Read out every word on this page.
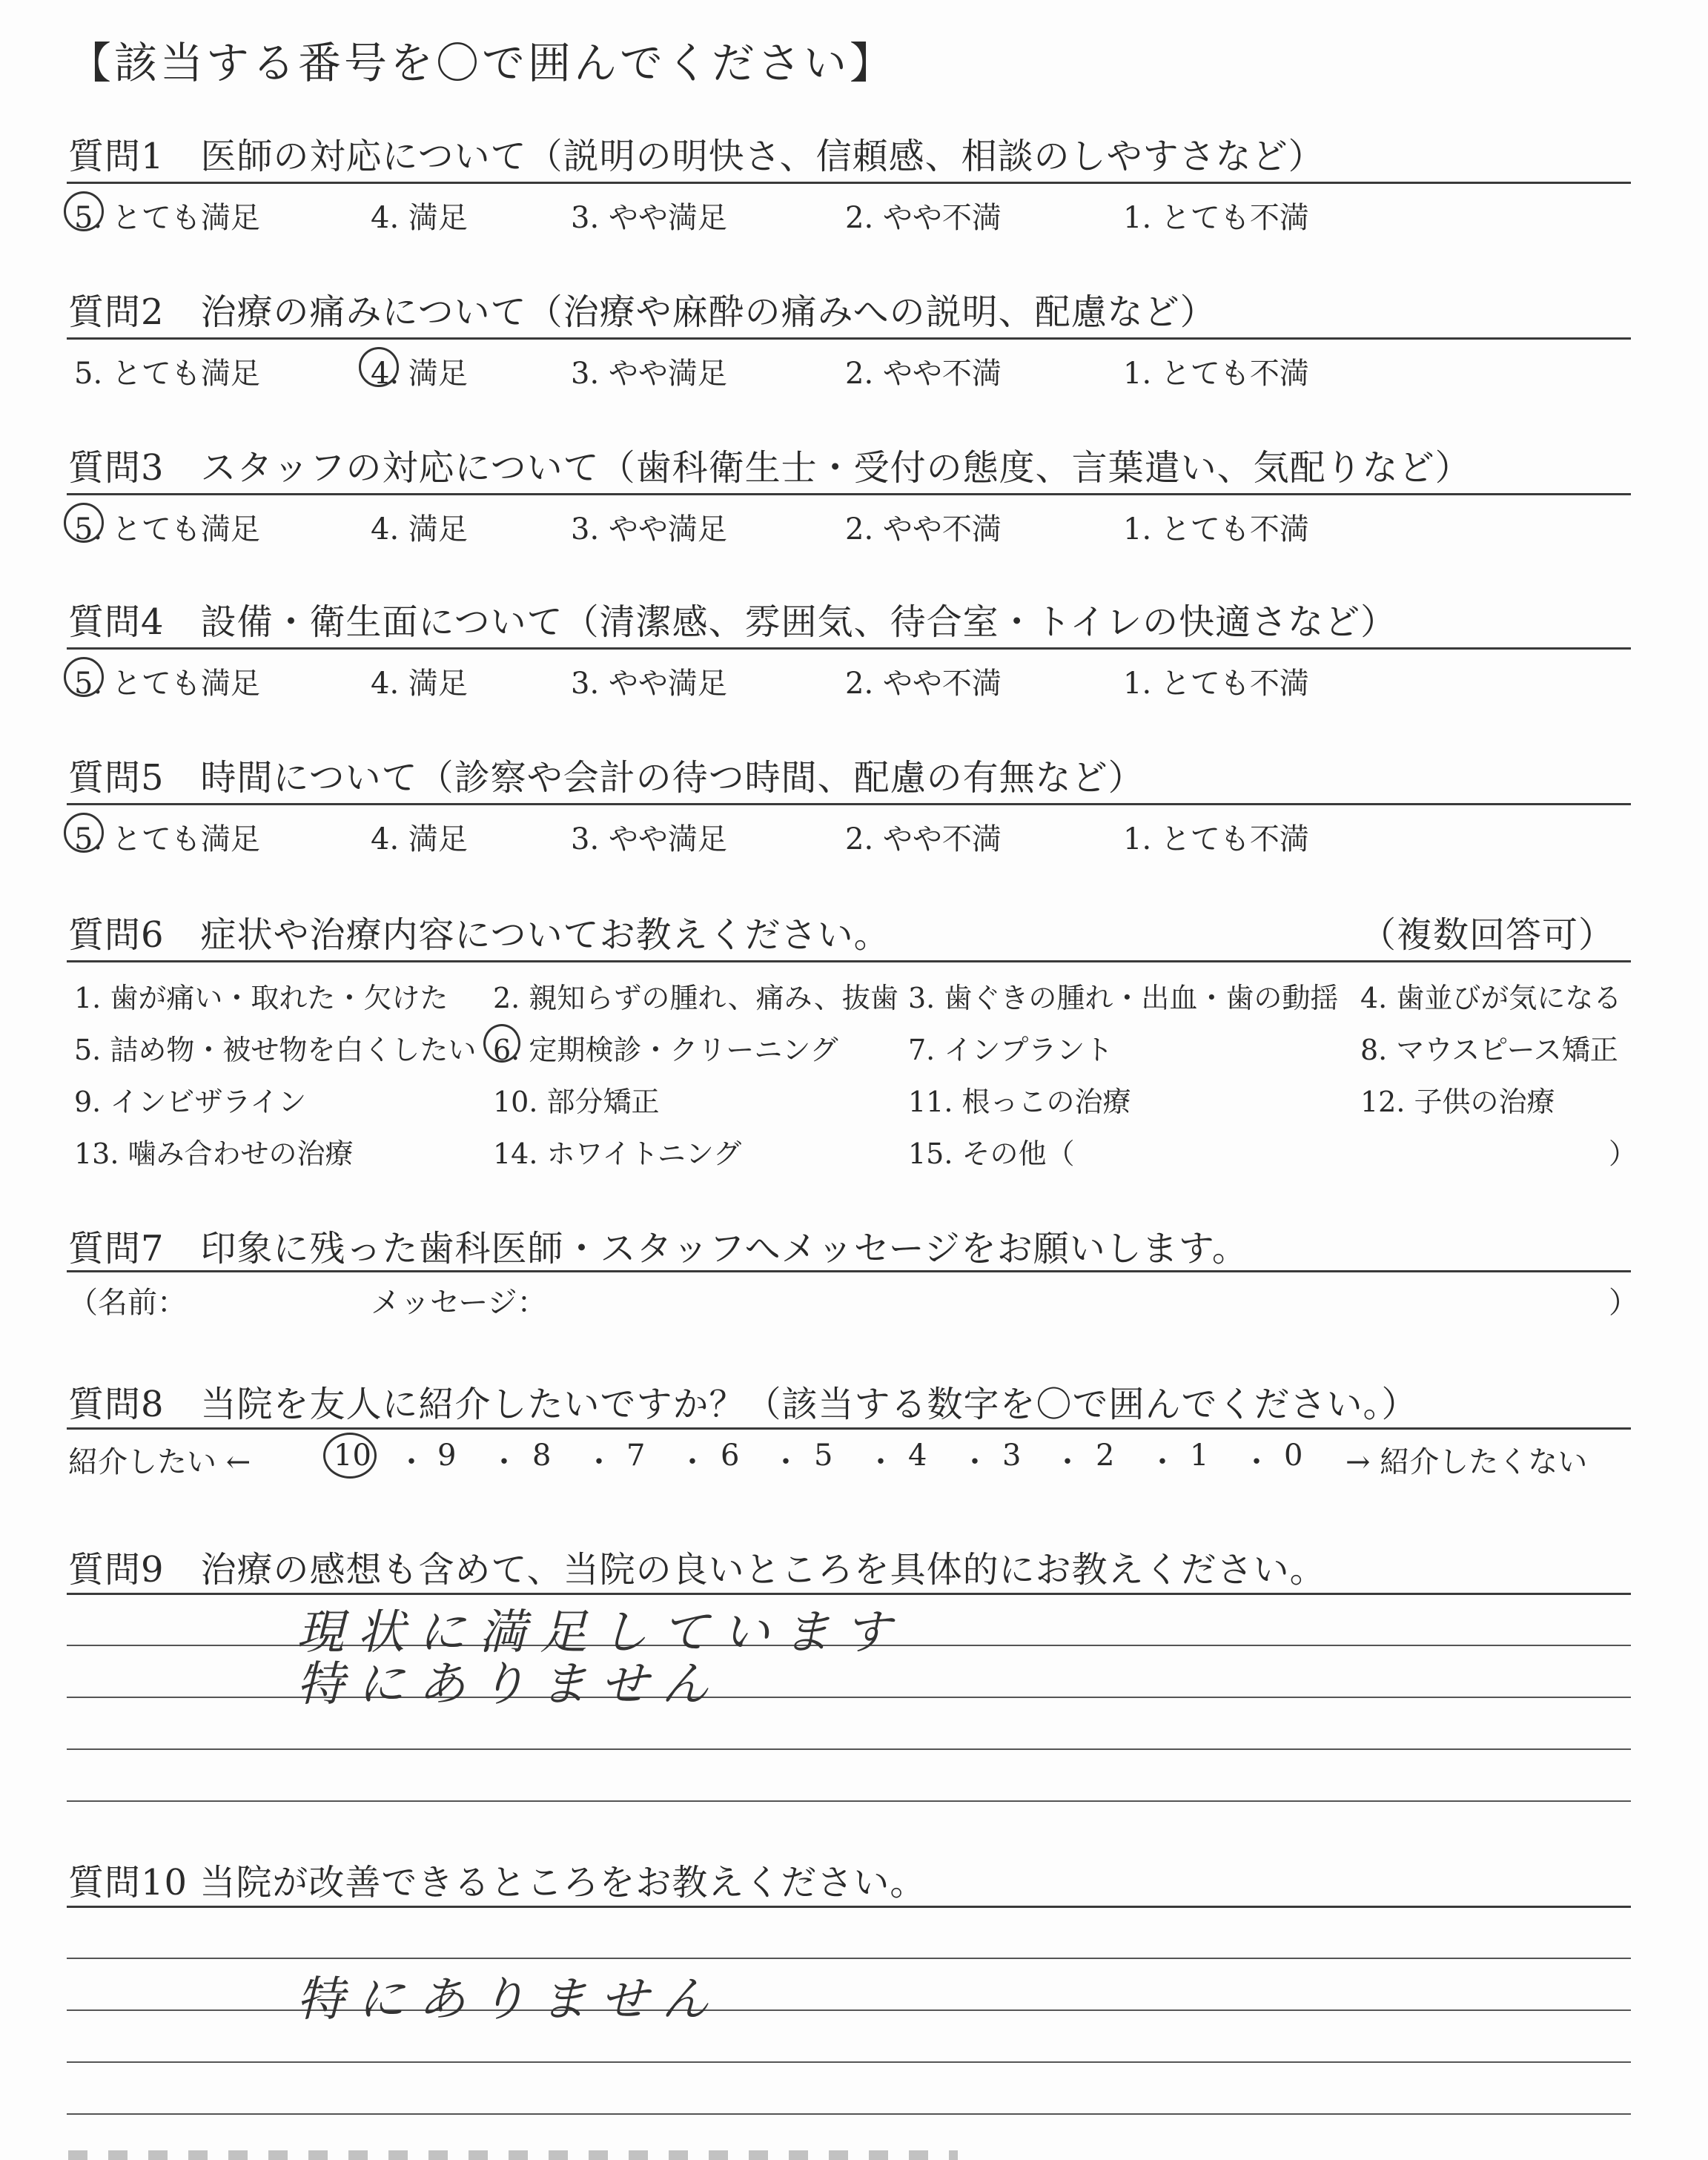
【該当する番号を〇で囲んでください】
質問1　医師の対応について（説明の明快さ、信頼感、相談のしやすさなど）
5. とても満足	4. 満足	3. やや満足	2. やや不満	1. とても不満
質問2　治療の痛みについて（治療や麻酔の痛みへの説明、配慮など）
5. とても満足	4. 満足	3. やや満足	2. やや不満	1. とても不満
質問3　スタッフの対応について（歯科衛生士・受付の態度、言葉遣い、気配りなど）
5. とても満足	4. 満足	3. やや満足	2. やや不満	1. とても不満
質問4　設備・衛生面について（清潔感、雰囲気、待合室・トイレの快適さなど）
5. とても満足	4. 満足	3. やや満足	2. やや不満	1. とても不満
質問5　時間について（診察や会計の待つ時間、配慮の有無など）
5. とても満足	4. 満足	3. やや満足	2. やや不満	1. とても不満
質問6　症状や治療内容についてお教えください。	（複数回答可）
1. 歯が痛い・取れた・欠けた 2. 親知らずの腫れ、痛み、抜歯 3. 歯ぐきの腫れ・出血・歯の動揺 4. 歯並びが気になる
5. 詰め物・被せ物を白くしたい 6. 定期検診・クリーニング 7. インプラント	8. マウスピース矯正
9. インビザライン	10. 部分矯正	11. 根っこの治療	12. 子供の治療
13. 噛み合わせの治療	14. ホワイトニング	15. その他（	）
質問7　印象に残った歯科医師・スタッフへメッセージをお願いします。
（名前：	メッセージ：	）
質問8　当院を友人に紹介したいですか？（該当する数字を〇で囲んでください。）
紹介したい ←	→ 紹介したくない
10 ・ 9 ・ 8 ・ 7 ・ 6 ・ 5 ・ 4 ・ 3 ・ 2 ・ 1 ・ 0
質問9　治療の感想も含めて、当院の良いところを具体的にお教えください。
現状に満足しています
特にありません
質問10 当院が改善できるところをお教えください。
特にありません
